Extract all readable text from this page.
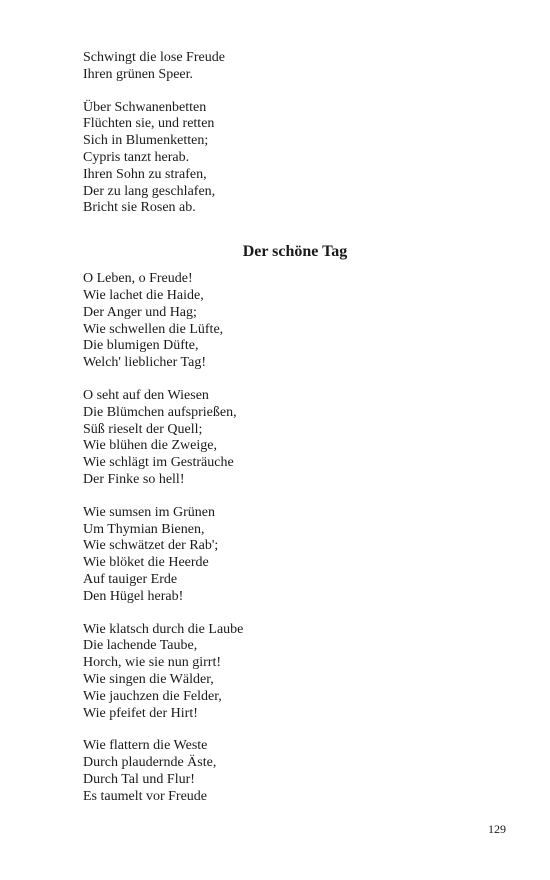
Schwingt die lose Freude
Ihren grünen Speer.
Über Schwanenbetten
Flüchten sie, und retten
Sich in Blumenketten;
Cypris tanzt herab.
Ihren Sohn zu strafen,
Der zu lang geschlafen,
Bricht sie Rosen ab.
Der schöne Tag
O Leben, o Freude!
Wie lachet die Haide,
Der Anger und Hag;
Wie schwellen die Lüfte,
Die blumigen Düfte,
Welch' lieblicher Tag!
O seht auf den Wiesen
Die Blümchen aufsprießen,
Süß rieselt der Quell;
Wie blühen die Zweige,
Wie schlägt im Gesträuche
Der Finke so hell!
Wie sumsen im Grünen
Um Thymian Bienen,
Wie schwätzet der Rab';
Wie blöket die Heerde
Auf tauiger Erde
Den Hügel herab!
Wie klatsch durch die Laube
Die lachende Taube,
Horch, wie sie nun girrt!
Wie singen die Wälder,
Wie jauchzen die Felder,
Wie pfeifet der Hirt!
Wie flattern die Weste
Durch plaudernde Äste,
Durch Tal und Flur!
Es taumelt vor Freude
129
